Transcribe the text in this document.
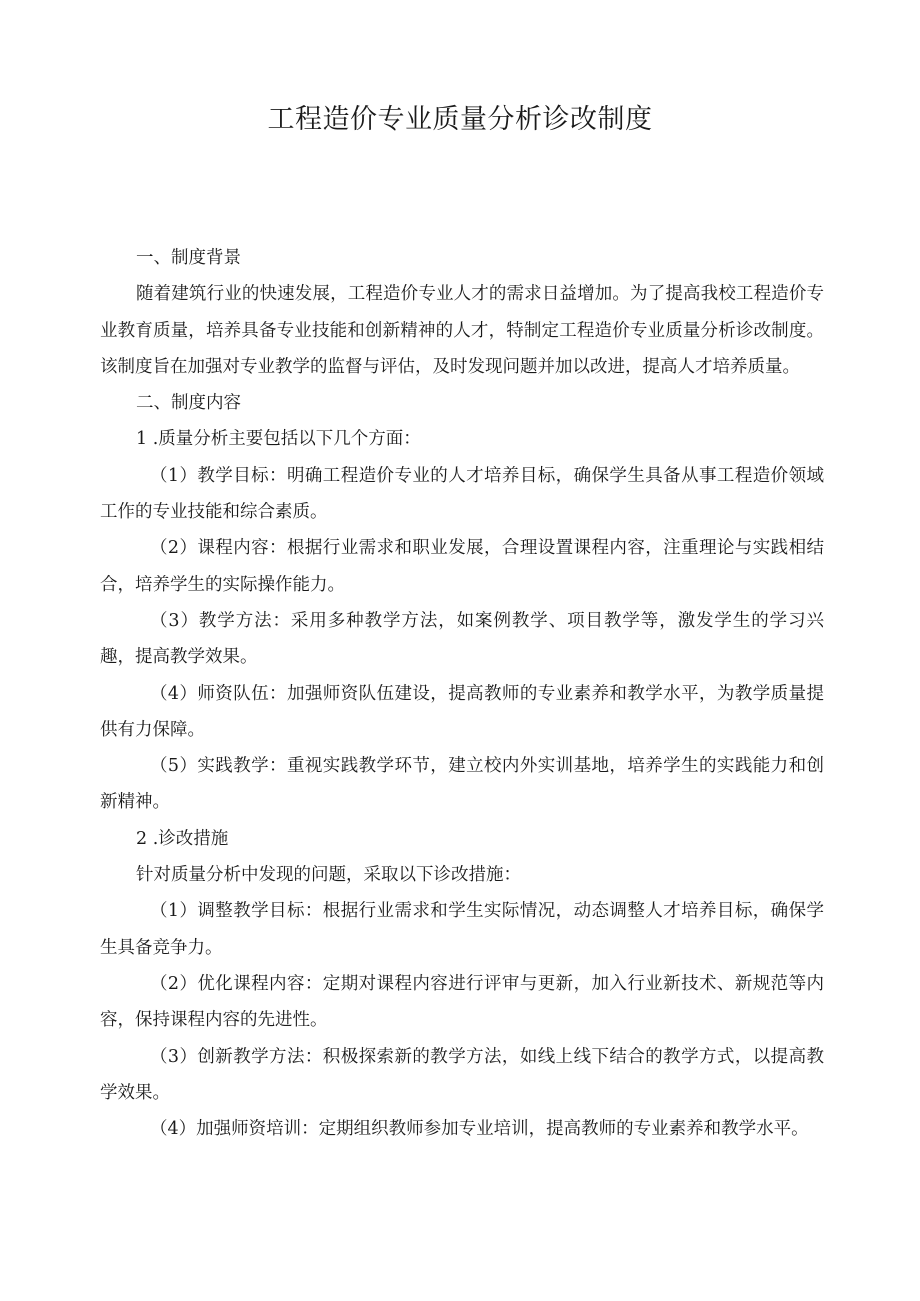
工程造价专业质量分析诊改制度

一、制度背景

随着建筑行业的快速发展，工程造价专业人才的需求日益增加。为了提高我校工程造价专业教育质量，培养具备专业技能和创新精神的人才，特制定工程造价专业质量分析诊改制度。该制度旨在加强对专业教学的监督与评估，及时发现问题并加以改进，提高人才培养质量。

二、制度内容

1 .质量分析主要包括以下几个方面：

（1）教学目标：明确工程造价专业的人才培养目标，确保学生具备从事工程造价领域工作的专业技能和综合素质。

（2）课程内容：根据行业需求和职业发展，合理设置课程内容，注重理论与实践相结合，培养学生的实际操作能力。

（3）教学方法：采用多种教学方法，如案例教学、项目教学等，激发学生的学习兴趣，提高教学效果。

（4）师资队伍：加强师资队伍建设，提高教师的专业素养和教学水平，为教学质量提供有力保障。

（5）实践教学：重视实践教学环节，建立校内外实训基地，培养学生的实践能力和创新精神。

2 .诊改措施

针对质量分析中发现的问题，采取以下诊改措施：

（1）调整教学目标：根据行业需求和学生实际情况，动态调整人才培养目标，确保学生具备竞争力。

（2）优化课程内容：定期对课程内容进行评审与更新，加入行业新技术、新规范等内容，保持课程内容的先进性。

（3）创新教学方法：积极探索新的教学方法，如线上线下结合的教学方式，以提高教学效果。

（4）加强师资培训：定期组织教师参加专业培训，提高教师的专业素养和教学水平。
